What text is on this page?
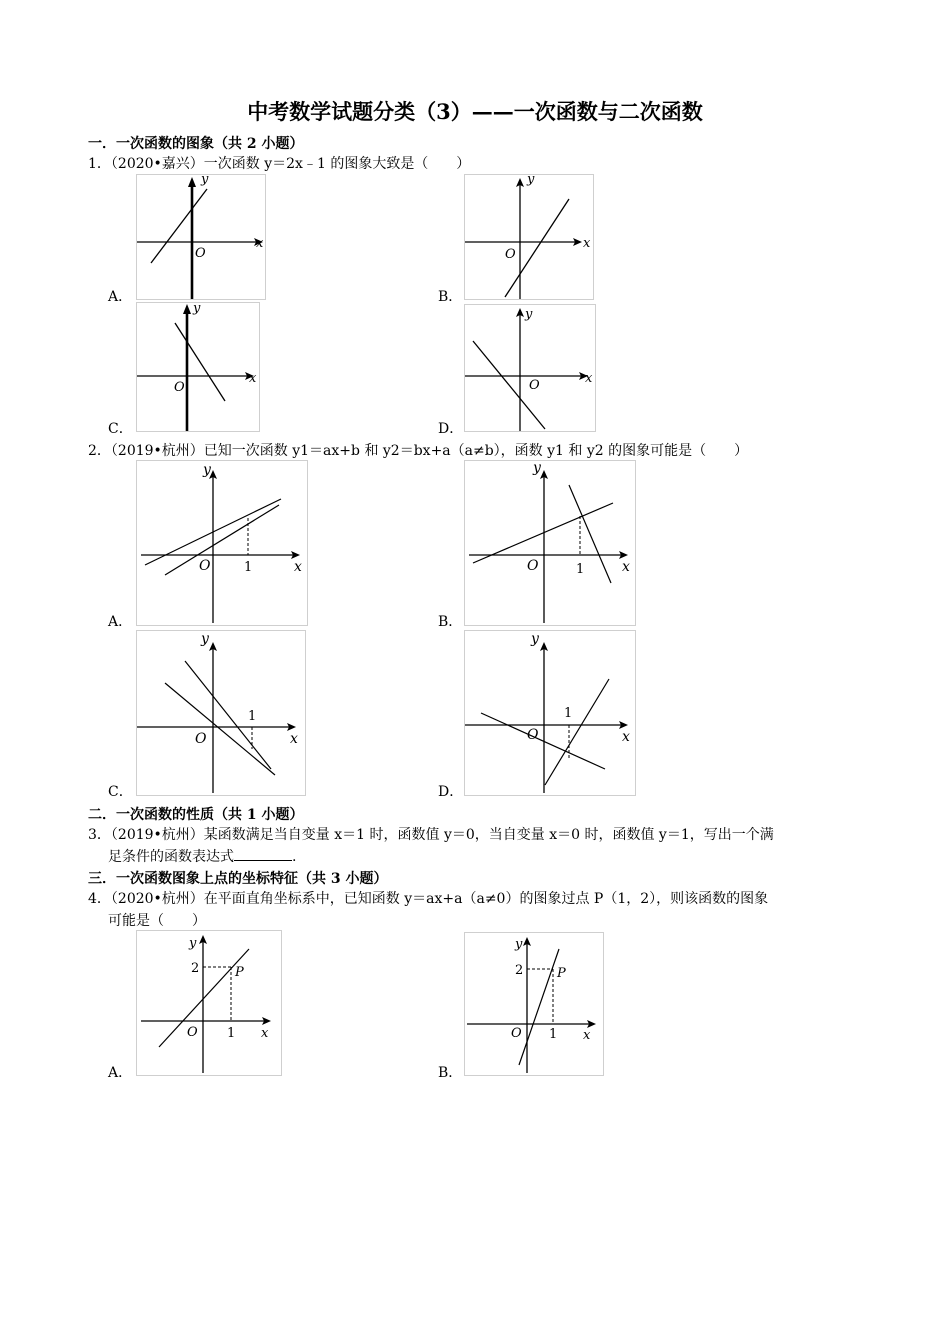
中考数学试题分类（3）——一次函数与二次函数
一．一次函数的图象（共 2 小题）
1．（2020•嘉兴）一次函数 y＝2x﹣1 的图象大致是（　　）
A．
y
x
O
B．
y
x
O
C．
y
x
O
D．
y
x
O
2．（2019•杭州）已知一次函数 y1＝ax+b 和 y2＝bx+a（a≠b），函数 y1 和 y2 的图象可能是（　　）
A．
y
x
O	1
B．
y
x
O	1
C．
y
x
O
1
D．
y
x
O
1
二．一次函数的性质（共 1 小题）
3．（2019•杭州）某函数满足当自变量 x＝1 时，函数值 y＝0，当自变量 x＝0 时，函数值 y＝1，写出一个满
足条件的函数表达式	.
三．一次函数图象上点的坐标特征（共 3 小题）
4．（2020•杭州）在平面直角坐标系中，已知函数 y＝ax+a（a≠0）的图象过点 P（1，2），则该函数的图象
可能是（　　）
A．
y
x
O
2
1
P
B．
y
x
O
2
1
P
